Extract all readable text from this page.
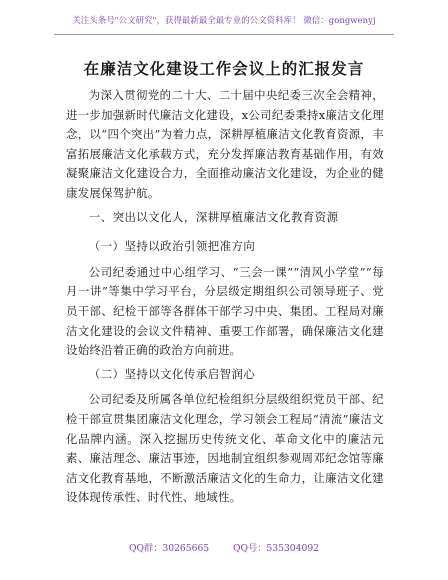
关注头条号"公文研究"，获得最新最全最专业的公文资料库！ 微信：gongwenyj
在廉洁文化建设工作会议上的汇报发言

为深入贯彻党的二十大、二十届中央纪委三次全会精神，进一步加强新时代廉洁文化建设，x公司纪委秉持x廉洁文化理念，以“四个突出”为着力点，深耕厚植廉洁文化教育资源，丰富拓展廉洁文化承载方式，充分发挥廉洁教育基础作用，有效凝聚廉洁文化建设合力，全面推动廉洁文化建设，为企业的健康发展保驾护航。

一、突出以文化人，深耕厚植廉洁文化教育资源

（一）坚持以政治引领把准方向

公司纪委通过中心组学习、“三会一课”“清风小学堂”“每月一讲”等集中学习平台，分层级定期组织公司领导班子、党员干部、纪检干部等各群体干部学习中央、集团、工程局对廉洁文化建设的会议文件精神、重要工作部署，确保廉洁文化建设始终沿着正确的政治方向前进。

（二）坚持以文化传承启智润心

公司纪委及所属各单位纪检组织分层级组织党员干部、纪检干部宣贯集团廉洁文化理念，学习领会工程局“清流”廉洁文化品牌内涵。深入挖掘历史传统文化、革命文化中的廉洁元素、廉洁理念、廉洁事迹，因地制宜组织参观周邓纪念馆等廉洁文化教育基地，不断激活廉洁文化的生命力，让廉洁文化建设体现传承性、时代性、地域性。

QQ群：30265665	QQ号：535304092
